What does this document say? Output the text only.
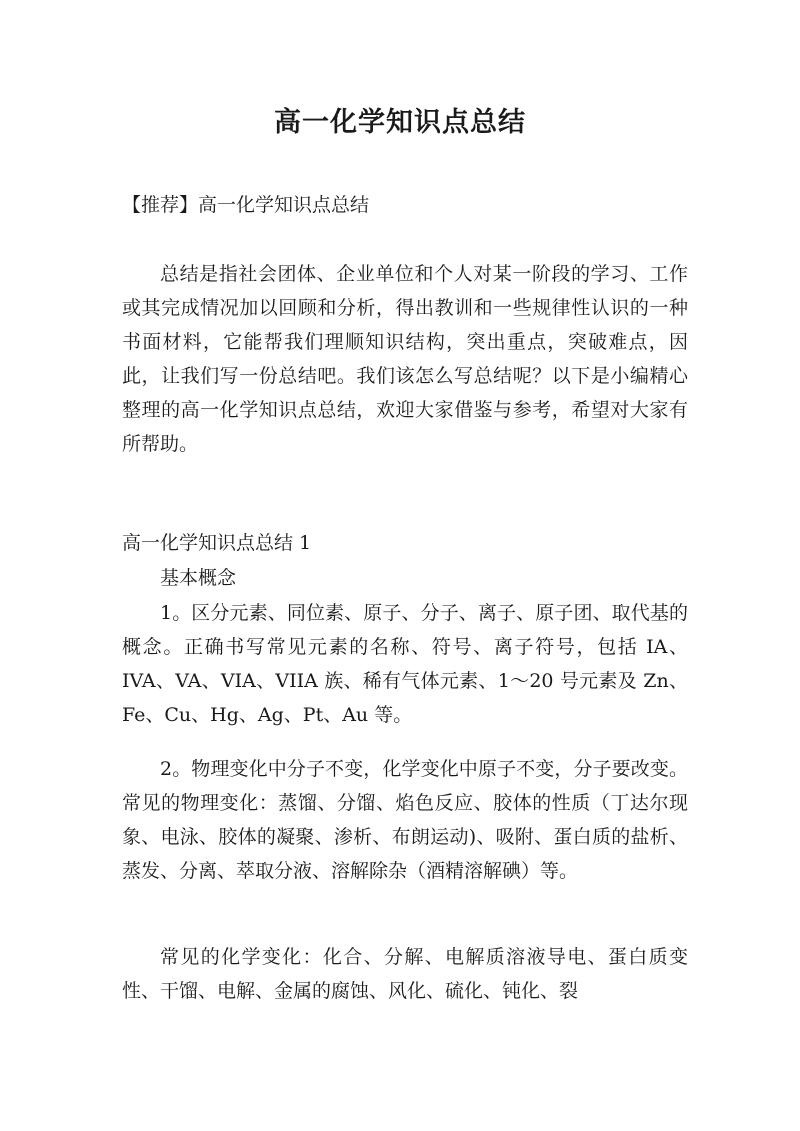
高一化学知识点总结

【推荐】高一化学知识点总结

总结是指社会团体、企业单位和个人对某一阶段的学习、工作或其完成情况加以回顾和分析，得出教训和一些规律性认识的一种书面材料，它能帮我们理顺知识结构，突出重点，突破难点，因此，让我们写一份总结吧。我们该怎么写总结呢？以下是小编精心整理的高一化学知识点总结，欢迎大家借鉴与参考，希望对大家有所帮助。

高一化学知识点总结 1

基本概念

1。区分元素、同位素、原子、分子、离子、原子团、取代基的概念。正确书写常见元素的名称、符号、离子符号，包括 IA、IVA、VA、VIA、VIIA 族、稀有气体元素、1～20 号元素及 Zn、Fe、Cu、Hg、Ag、Pt、Au 等。

2。物理变化中分子不变，化学变化中原子不变，分子要改变。常见的物理变化：蒸馏、分馏、焰色反应、胶体的性质（丁达尔现象、电泳、胶体的凝聚、渗析、布朗运动)、吸附、蛋白质的盐析、蒸发、分离、萃取分液、溶解除杂（酒精溶解碘）等。

常见的化学变化：化合、分解、电解质溶液导电、蛋白质变性、干馏、电解、金属的腐蚀、风化、硫化、钝化、裂
